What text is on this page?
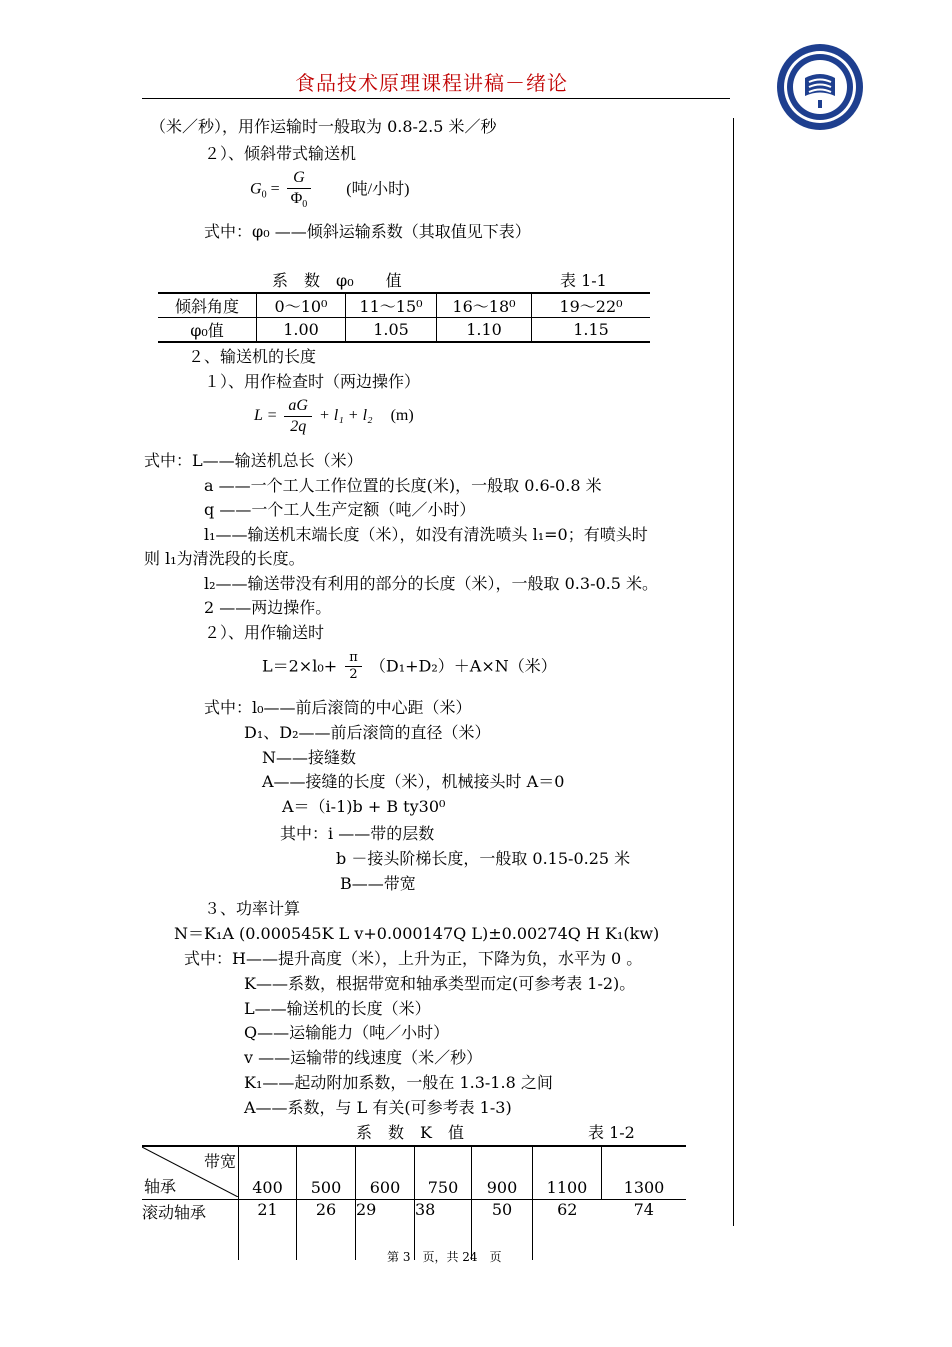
食品技术原理课程讲稿－绪论
（米／秒），用作运输时一般取为 0.8-2.5 米／秒
２）、倾斜带式输送机
$G_0 = \frac{G}{\Phi_0}$ (吨/小时)
式中：φ₀ ——倾斜运输系数（其取值见下表）
系　数　φ₀　　值	表 1-1
倾斜角度	0～10⁰	11～15⁰	16～18⁰	19～22⁰
φ₀值	1.00	1.05	1.10	1.15
２、输送机的长度
１）、用作检查时（两边操作）
$L = \frac{aG}{2q} + l_1 + l_2$ (m)
式中：L——输送机总长（米）
a ——一个工人工作位置的长度(米)，一般取 0.6-0.8 米
q ——一个工人生产定额（吨／小时）
l₁——输送机末端长度（米），如没有清洗喷头 l₁=0；有喷头时
则 l₁为清洗段的长度。
l₂——输送带没有利用的部分的长度（米），一般取 0.3-0.5 米。
2 ——两边操作。
２）、用作输送时
$L=2\times l_0+ \frac{\pi}{2} (D_1+D_2)+A\times N$（米）
式中：l₀——前后滚筒的中心距（米）
D₁、D₂——前后滚筒的直径（米）
N——接缝数
A——接缝的长度（米），机械接头时 A＝0
A＝（i-1)b + B ty30⁰
其中：i ——带的层数
b －接头阶梯长度，一般取 0.15-0.25 米
B——带宽
３、功率计算
N＝K₁A (0.000545K L v+0.000147Q L)±0.00274Q H K₁(kw)
式中：H——提升高度（米），上升为正，下降为负，水平为 0 。
K——系数，根据带宽和轴承类型而定(可参考表 1-2)。
L——输送机的长度（米）
Q——运输能力（吨／小时）
v ——运输带的线速度（米／秒）
K₁——起动附加系数，一般在 1.3-1.8 之间
A——系数，与 L 有关(可参考表 1-3)
系　数　K　值	表 1-2
带宽
轴承	400	500	600	750	900	1100	1300
滚动轴承	21	26	29	38	50	62	74

第 3　页，共 24　页
